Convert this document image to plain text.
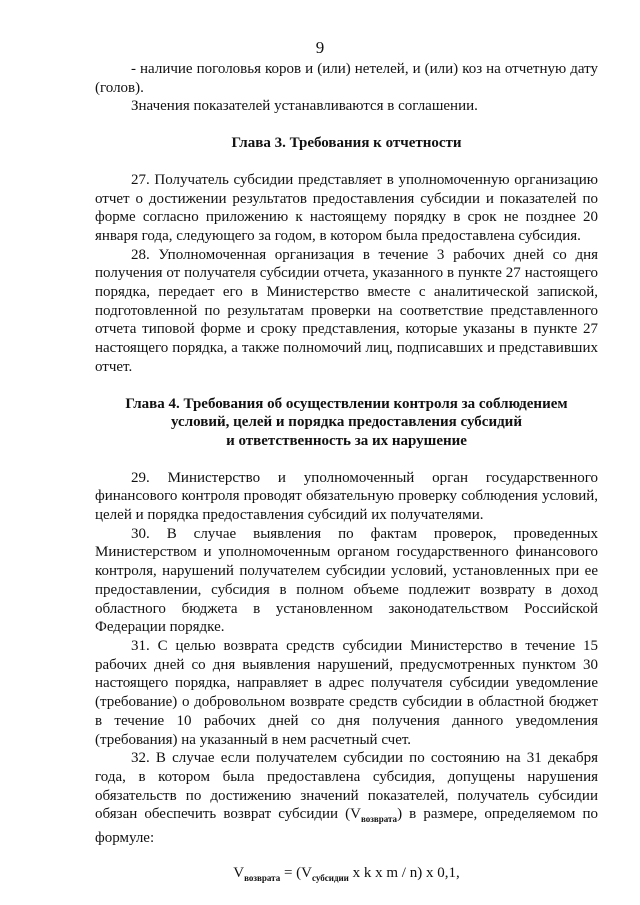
9

- наличие поголовья коров и (или) нетелей, и (или) коз на отчетную дату (голов).

Значения показателей устанавливаются в соглашении.

Глава 3. Требования к отчетности

27. Получатель субсидии представляет в уполномоченную организацию отчет о достижении результатов предоставления субсидии и показателей по форме согласно приложению к настоящему порядку в срок не позднее 20 января года, следующего за годом, в котором была предоставлена субсидия.

28. Уполномоченная организация в течение 3 рабочих дней со дня получения от получателя субсидии отчета, указанного в пункте 27 настоящего порядка, передает его в Министерство вместе с аналитической запиской, подготовленной по результатам проверки на соответствие представленного отчета типовой форме и сроку представления, которые указаны в пункте 27 настоящего порядка, а также полномочий лиц, подписавших и представивших отчет.

Глава 4. Требования об осуществлении контроля за соблюдением
условий, целей и порядка предоставления субсидий
и ответственность за их нарушение

29. Министерство и уполномоченный орган государственного финансового контроля проводят обязательную проверку соблюдения условий, целей и порядка предоставления субсидий их получателями.

30. В случае выявления по фактам проверок, проведенных Министерством и уполномоченным органом государственного финансового контроля, нарушений получателем субсидии условий, установленных при ее предоставлении, субсидия в полном объеме подлежит возврату в доход областного бюджета в установленном законодательством Российской Федерации порядке.

31. С целью возврата средств субсидии Министерство в течение 15 рабочих дней со дня выявления нарушений, предусмотренных пунктом 30 настоящего порядка, направляет в адрес получателя субсидии уведомление (требование) о добровольном возврате средств субсидии в областной бюджет в течение 10 рабочих дней со дня получения данного уведомления (требования) на указанный в нем расчетный счет.

32. В случае если получателем субсидии по состоянию на 31 декабря года, в котором была предоставлена субсидия, допущены нарушения обязательств по достижению значений показателей, получатель субсидии обязан обеспечить возврат субсидии $(V_{возврата})$ в размере, определяемом по формуле:

$V_{возврата} = (V_{субсидии}$ x k x m / n) x 0,1,
